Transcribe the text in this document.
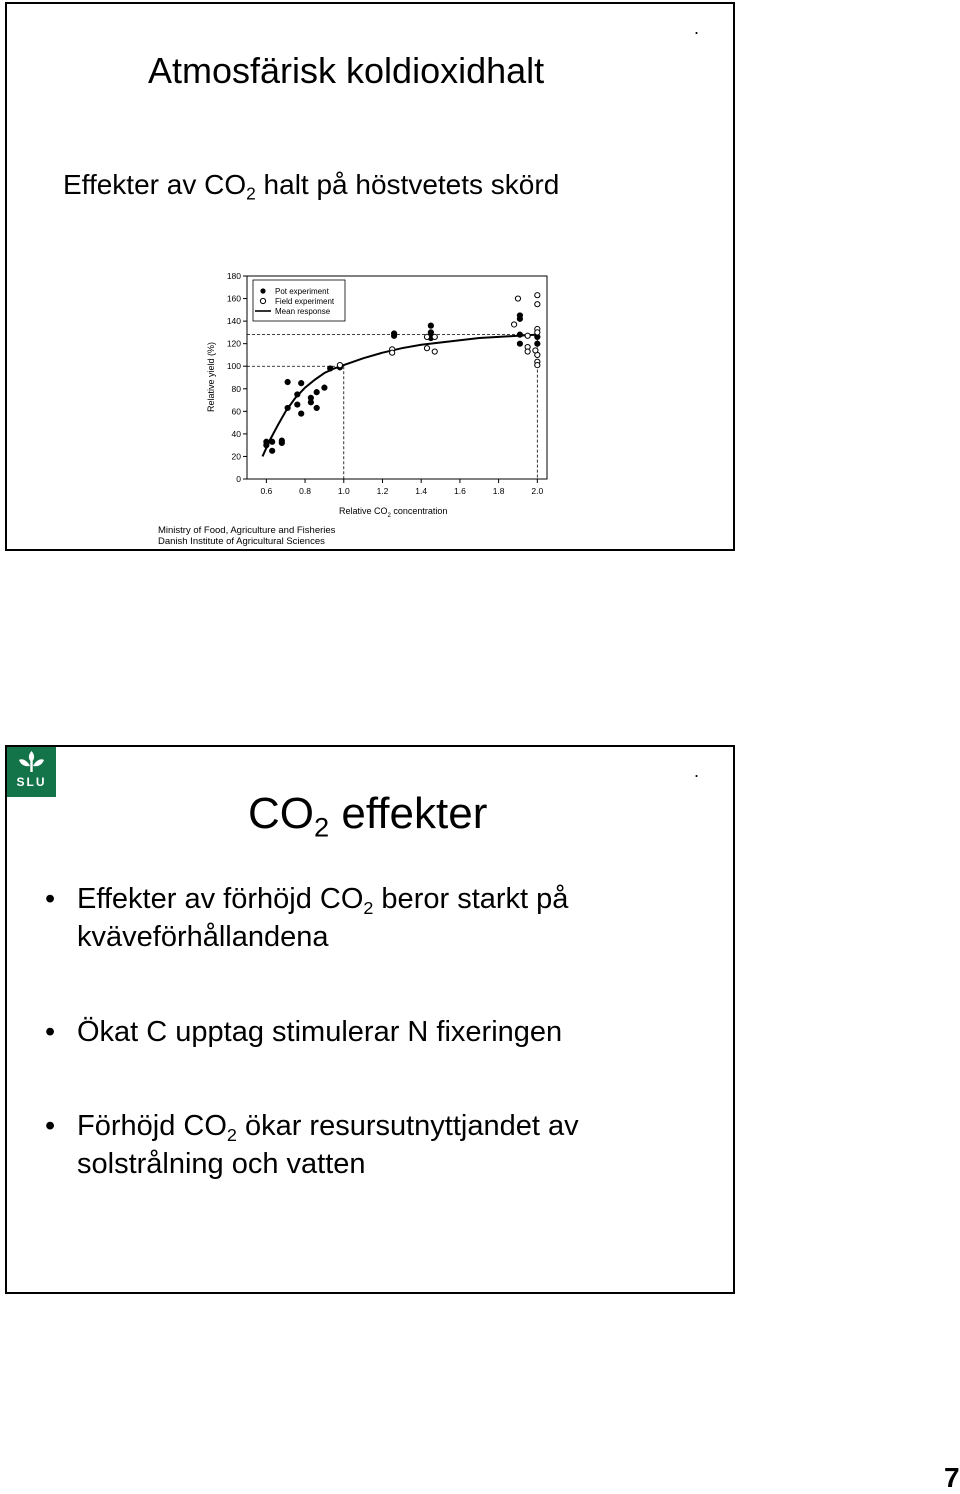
.
Atmosfärisk koldioxidhalt
Effekter av $CO_2$ halt på höstvetets skörd
0
20
40
60
80
100
120
140
160
180
0.6	0.8	1.0	1.2	1.4	1.6	1.8	2.0
Pot experiment
Field experiment
Mean response
Relative yield (%)
Relative $CO_2$ concentration
Ministry of Food, Agriculture and Fisheries
Danish Institute of Agricultural Sciences
SLU
.
$CO_2$ effekter
• Effekter av förhöjd $CO_2$ beror starkt på
kväveförhållandena
• Ökat C upptag stimulerar N fixeringen
• Förhöjd $CO_2$ ökar resursutnyttjandet av
solstrålning och vatten
7
